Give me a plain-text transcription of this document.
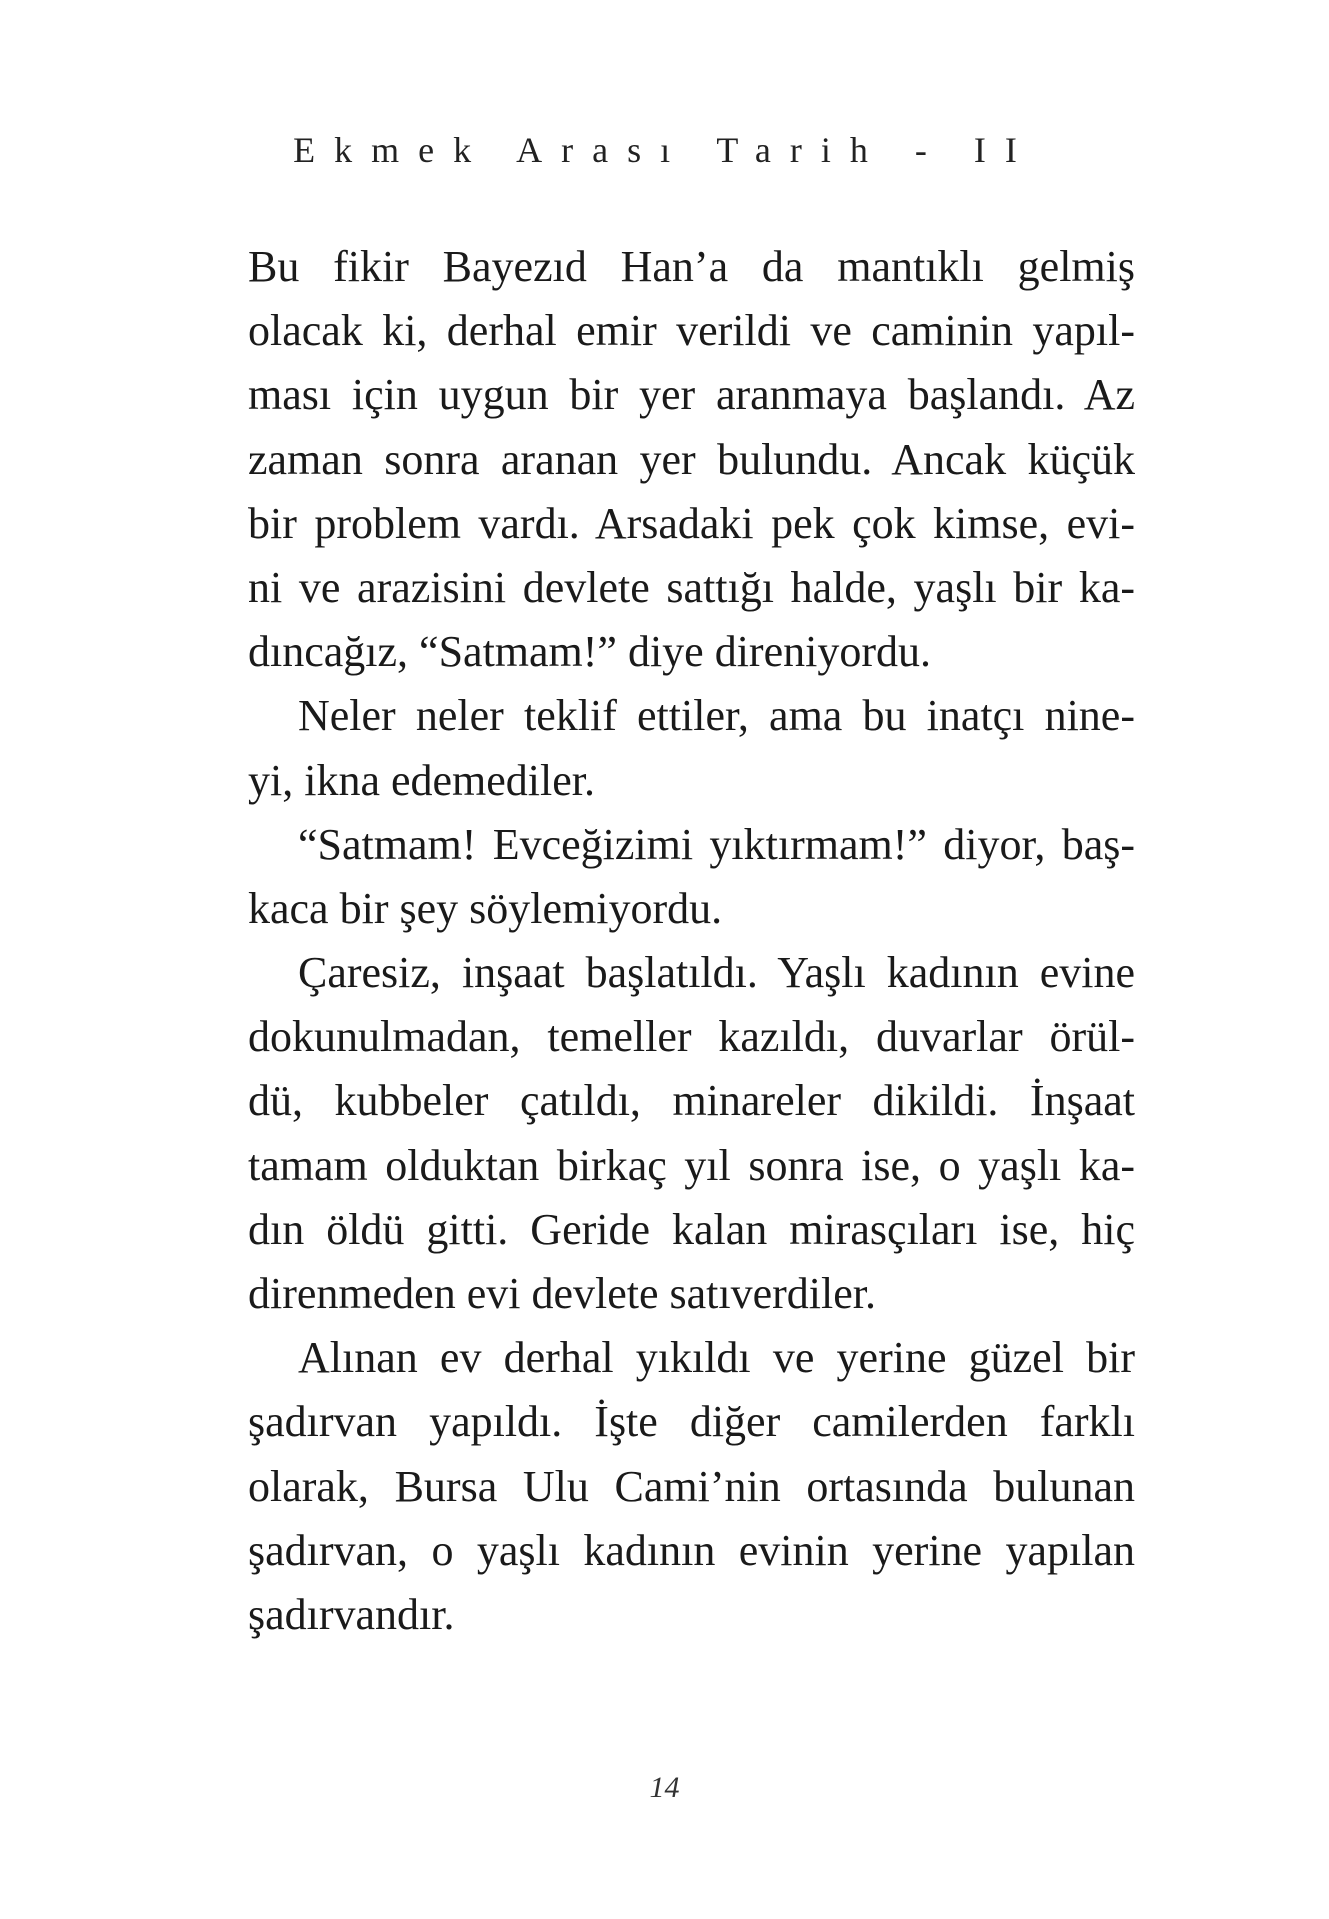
Ekmek Arası Tarih - II
Bu fikir Bayezıd Han’a da mantıklı gelmiş
olacak ki, derhal emir verildi ve caminin yapıl-
ması için uygun bir yer aranmaya başlandı. Az
zaman sonra aranan yer bulundu. Ancak küçük
bir problem vardı. Arsadaki pek çok kimse, evi-
ni ve arazisini devlete sattığı halde, yaşlı bir ka-
dıncağız, “Satmam!” diye direniyordu.
Neler neler teklif ettiler, ama bu inatçı nine-
yi, ikna edemediler.
“Satmam! Evceğizimi yıktırmam!” diyor, baş-
kaca bir şey söylemiyordu.
Çaresiz, inşaat başlatıldı. Yaşlı kadının evine
dokunulmadan, temeller kazıldı, duvarlar örül-
dü, kubbeler çatıldı, minareler dikildi. İnşaat
tamam olduktan birkaç yıl sonra ise, o yaşlı ka-
dın öldü gitti. Geride kalan mirasçıları ise, hiç
direnmeden evi devlete satıverdiler.
Alınan ev derhal yıkıldı ve yerine güzel bir
şadırvan yapıldı. İşte diğer camilerden farklı
olarak, Bursa Ulu Cami’nin ortasında bulunan
şadırvan, o yaşlı kadının evinin yerine yapılan
şadırvandır.
14
